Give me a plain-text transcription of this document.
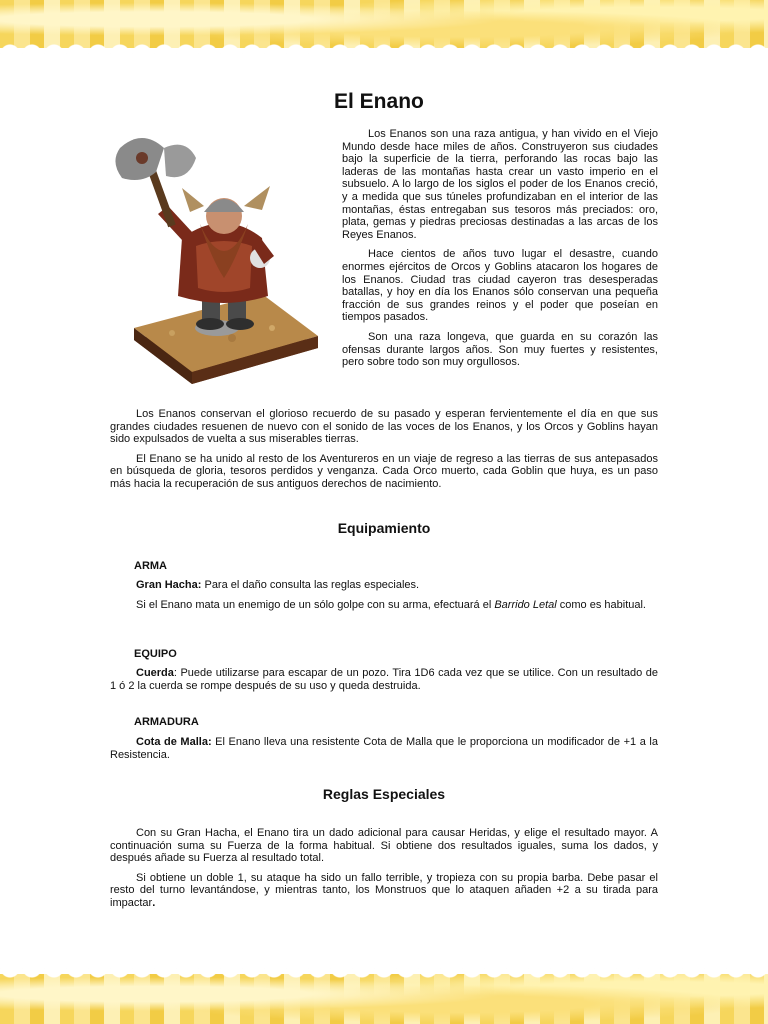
El Enano

Los Enanos son una raza antigua, y han vivido en el Viejo Mundo desde hace miles de años. Construyeron sus ciudades bajo la superficie de la tierra, perforando las rocas bajo las laderas de las montañas hasta crear un vasto imperio en el subsuelo. A lo largo de los siglos el poder de los Enanos creció, y a medida que sus túneles profundizaban en el interior de las montañas, éstas entregaban sus tesoros más preciados: oro, plata, gemas y piedras preciosas destinadas a las arcas de los Reyes Enanos.

Hace cientos de años tuvo lugar el desastre, cuando enormes ejércitos de Orcos y Goblins atacaron los hogares de los Enanos. Ciudad tras ciudad cayeron tras desesperadas batallas, y hoy en día los Enanos sólo conservan una pequeña fracción de sus grandes reinos y el poder que poseían en tiempos pasados.

Son una raza longeva, que guarda en su corazón las ofensas durante largos años. Son muy fuertes y resistentes, pero sobre todo son muy orgullosos.

Los Enanos conservan el glorioso recuerdo de su pasado y esperan fervientemente el día en que sus grandes ciudades resuenen de nuevo con el sonido de las voces de los Enanos, y los Orcos y Goblins hayan sido expulsados de vuelta a sus miserables tierras.

El Enano se ha unido al resto de los Aventureros en un viaje de regreso a las tierras de sus antepasados en búsqueda de gloria, tesoros perdidos y venganza. Cada Orco muerto, cada Goblin que huya, es un paso más hacia la recuperación de sus antiguos derechos de nacimiento.

Equipamiento
ARMA

Gran Hacha: Para el daño consulta las reglas especiales.

Si el Enano mata un enemigo de un sólo golpe con su arma, efectuará el Barrido Letal como es habitual.

EQUIPO

Cuerda: Puede utilizarse para escapar de un pozo. Tira 1D6 cada vez que se utilice. Con un resultado de 1 ó 2 la cuerda se rompe después de su uso y queda destruida.

ARMADURA

Cota de Malla: El Enano lleva una resistente Cota de Malla que le proporciona un modificador de +1 a la Resistencia.

Reglas Especiales

Con su Gran Hacha, el Enano tira un dado adicional para causar Heridas, y elige el resultado mayor. A continuación suma su Fuerza de la forma habitual. Si obtiene dos resultados iguales, suma los dados, y después añade su Fuerza al resultado total.

Si obtiene un doble 1, su ataque ha sido un fallo terrible, y tropieza con su propia barba. Debe pasar el resto del turno levantándose, y mientras tanto, los Monstruos que lo ataquen añaden +2 a su tirada para impactar.
